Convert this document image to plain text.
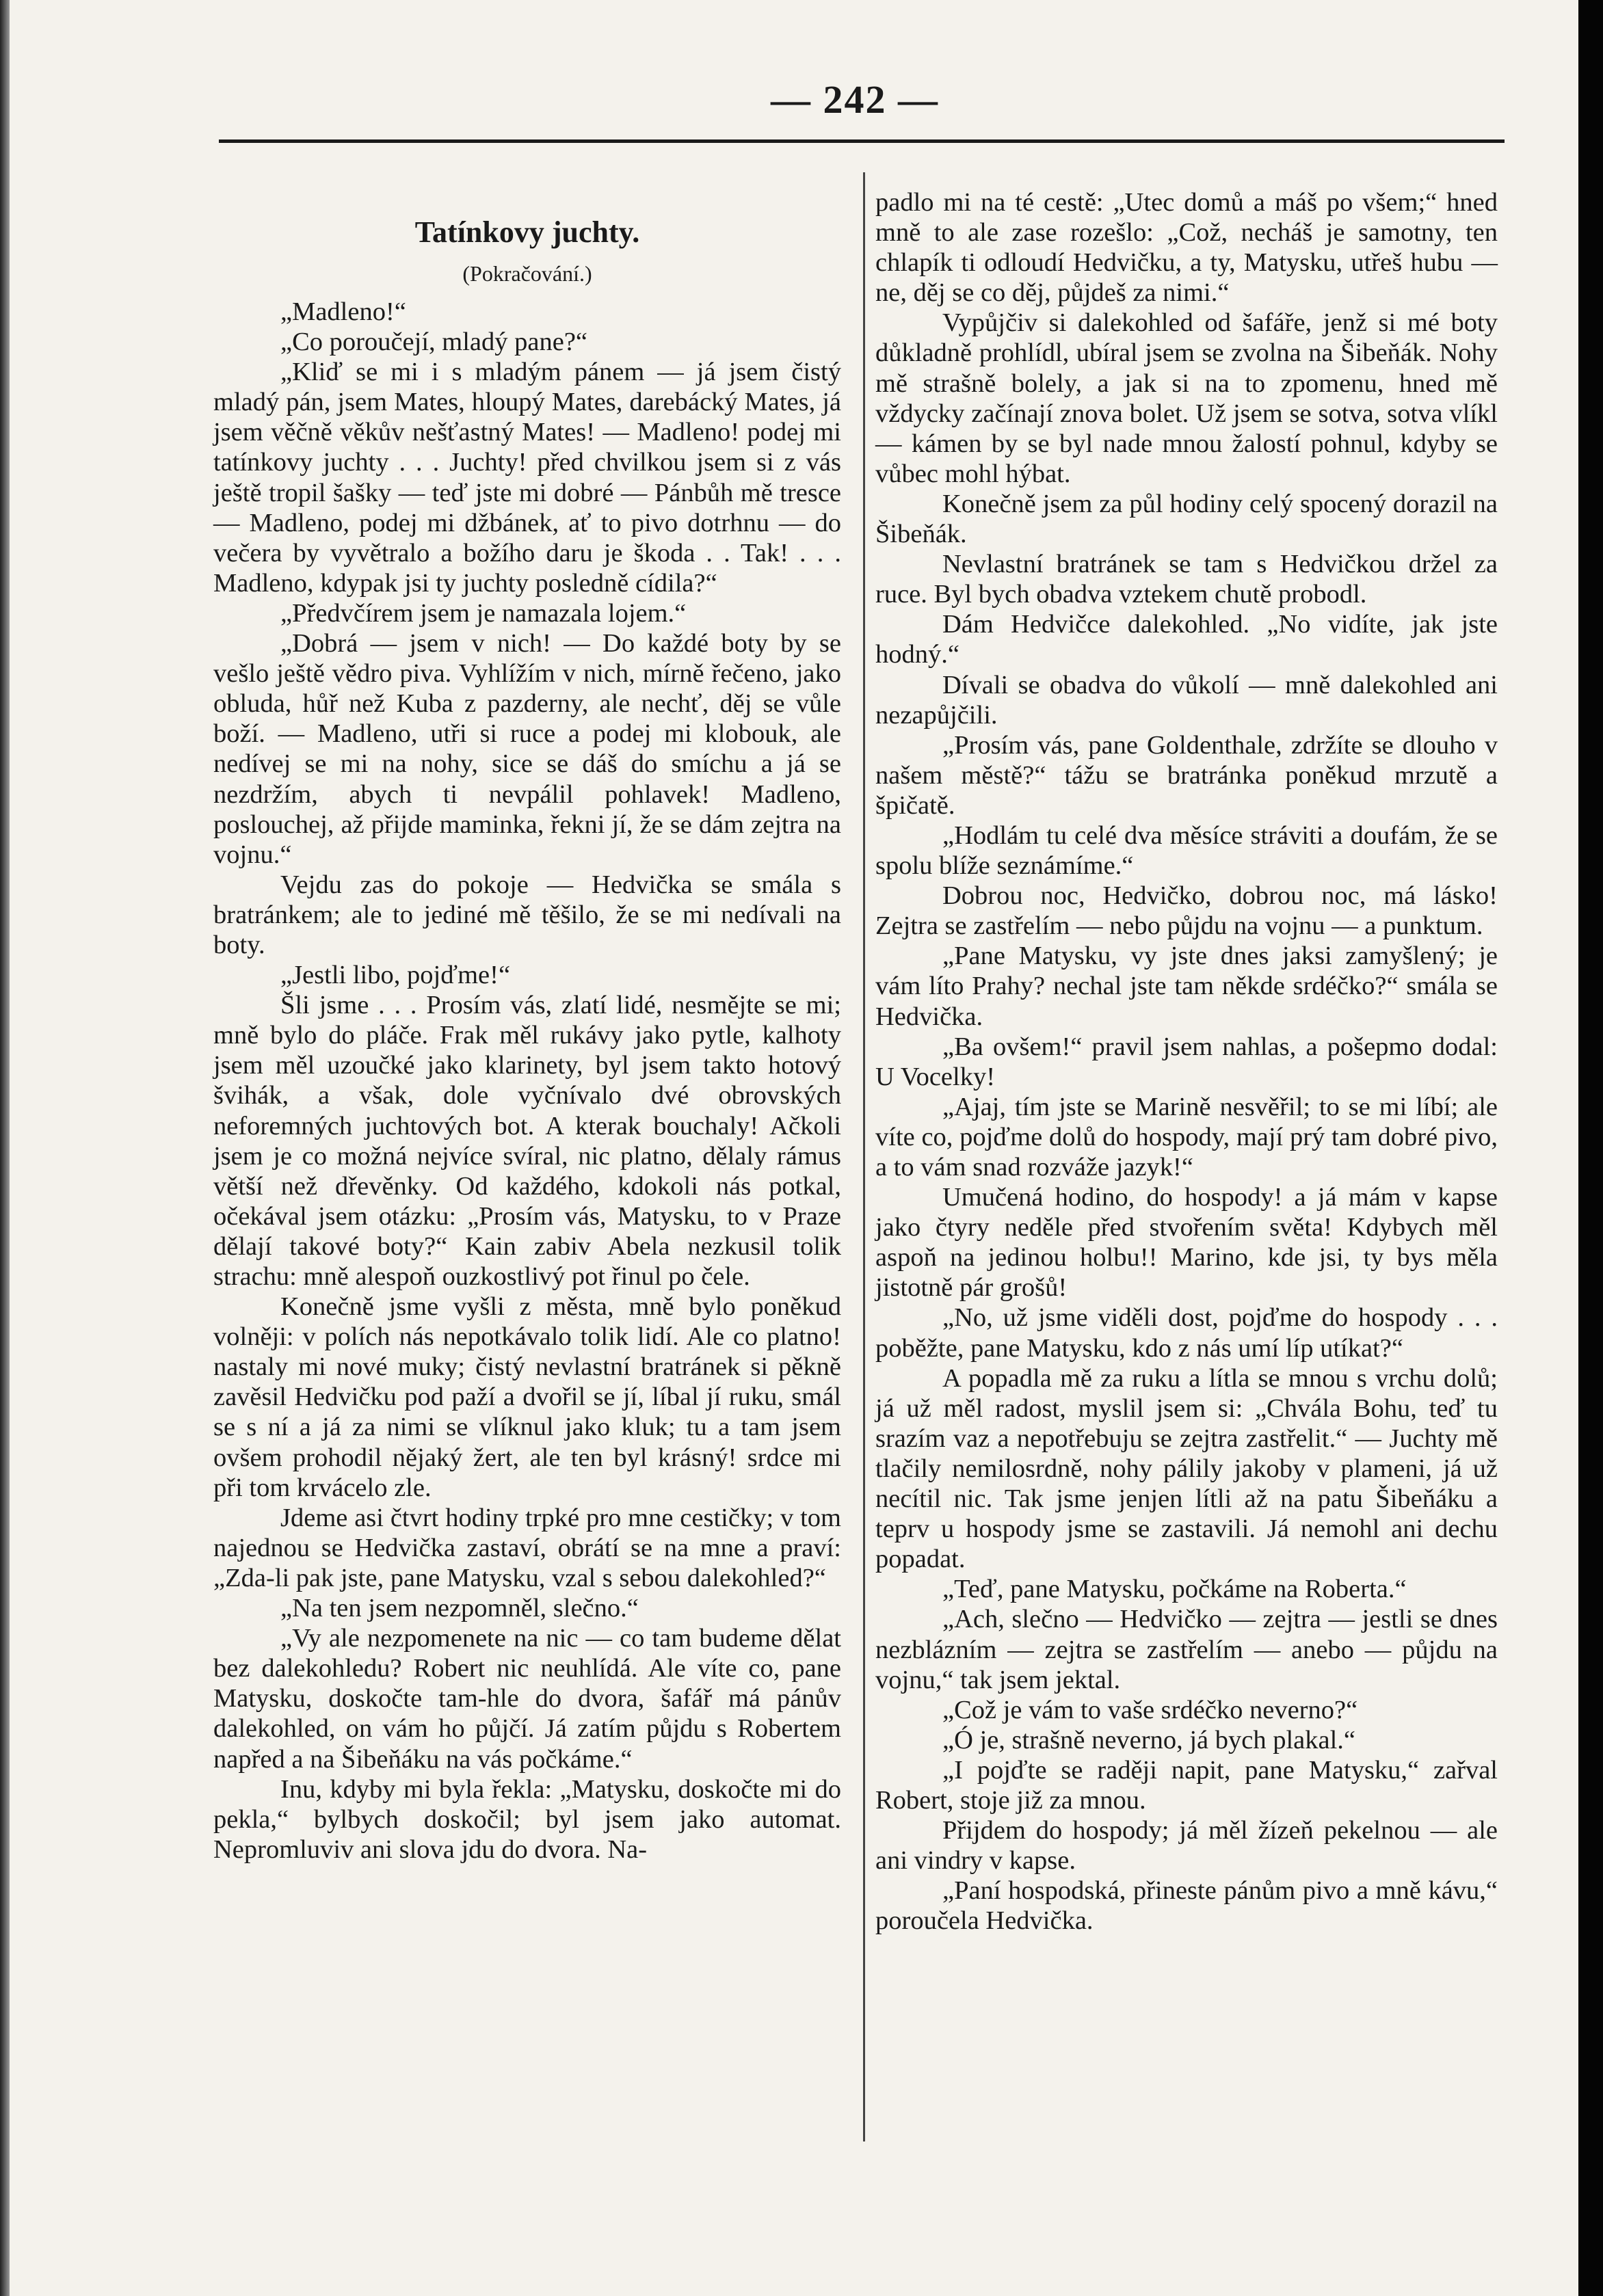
— 242 —
Tatínkovy juchty.
(Pokračování.)

„Madleno!“

„Co poroučejí, mladý pane?“

„Kliď se mi i s mladým pánem — já jsem čistý mladý pán, jsem Mates, hloupý Mates, darebácký Mates, já jsem věčně věkův nešťastný Mates! — Madleno! podej mi tatínkovy juchty . . . Juchty! před chvilkou jsem si z vás ještě tropil šašky — teď jste mi dobré — Pánbůh mě tresce — Madleno, podej mi džbánek, ať to pivo dotrhnu — do večera by vyvětralo a božího daru je škoda . . Tak! . . . Madleno, kdypak jsi ty juchty posledně cídila?“

„Předvčírem jsem je namazala lojem.“

„Dobrá — jsem v nich! — Do každé boty by se vešlo ještě vědro piva. Vyhlížím v nich, mírně řečeno, jako obluda, hůř než Kuba z pazderny, ale nechť, děj se vůle boží. — Madleno, utři si ruce a podej mi klobouk, ale nedívej se mi na nohy, sice se dáš do smíchu a já se nezdržím, abych ti nevpálil pohlavek! Madleno, poslouchej, až přijde maminka, řekni jí, že se dám zejtra na vojnu.“

Vejdu zas do pokoje — Hedvička se smála s bratránkem; ale to jediné mě těšilo, že se mi nedívali na boty.

„Jestli libo, pojďme!“

Šli jsme . . . Prosím vás, zlatí lidé, nesmějte se mi; mně bylo do pláče. Frak měl rukávy jako pytle, kalhoty jsem měl uzoučké jako klarinety, byl jsem takto hotový švihák, a však, dole vyčnívalo dvé obrovských neforemných juchtových bot. A kterak bouchaly! Ačkoli jsem je co možná nejvíce svíral, nic platno, dělaly rámus větší než dřevěnky. Od každého, kdokoli nás potkal, očekával jsem otázku: „Prosím vás, Matysku, to v Praze dělají takové boty?“ Kain zabiv Abela nezkusil tolik strachu: mně alespoň ouzkostlivý pot řinul po čele.

Konečně jsme vyšli z města, mně bylo poněkud volněji: v polích nás nepotkávalo tolik lidí. Ale co platno! nastaly mi nové muky; čistý nevlastní bratránek si pěkně zavěsil Hedvičku pod paží a dvořil se jí, líbal jí ruku, smál se s ní a já za nimi se vlíknul jako kluk; tu a tam jsem ovšem prohodil nějaký žert, ale ten byl krásný! srdce mi při tom krvácelo zle.

Jdeme asi čtvrt hodiny trpké pro mne cestičky; v tom najednou se Hedvička zastaví, obrátí se na mne a praví: „Zda-li pak jste, pane Matysku, vzal s sebou dalekohled?“

„Na ten jsem nezpomněl, slečno.“

„Vy ale nezpomenete na nic — co tam budeme dělat bez dalekohledu? Robert nic neuhlídá. Ale víte co, pane Matysku, doskočte tam-hle do dvora, šafář má pánův dalekohled, on vám ho půjčí. Já zatím půjdu s Robertem napřed a na Šibeňáku na vás počkáme.“

Inu, kdyby mi byla řekla: „Matysku, doskočte mi do pekla,“ bylbych doskočil; byl jsem jako automat. Nepromluviv ani slova jdu do dvora. Na-

padlo mi na té cestě: „Utec domů a máš po všem;“ hned mně to ale zase rozešlo: „Což, necháš je samotny, ten chlapík ti odloudí Hedvičku, a ty, Matysku, utřeš hubu — ne, děj se co děj, půjdeš za nimi.“

Vypůjčiv si dalekohled od šafáře, jenž si mé boty důkladně prohlídl, ubíral jsem se zvolna na Šibeňák. Nohy mě strašně bolely, a jak si na to zpomenu, hned mě vždycky začínají znova bolet. Už jsem se sotva, sotva vlíkl — kámen by se byl nade mnou žalostí pohnul, kdyby se vůbec mohl hýbat.

Konečně jsem za půl hodiny celý spocený dorazil na Šibeňák.

Nevlastní bratránek se tam s Hedvičkou držel za ruce. Byl bych obadva vztekem chutě probodl.

Dám Hedvičce dalekohled. „No vidíte, jak jste hodný.“

Dívali se obadva do vůkolí — mně dalekohled ani nezapůjčili.

„Prosím vás, pane Goldenthale, zdržíte se dlouho v našem městě?“ tážu se bratránka poněkud mrzutě a špičatě.

„Hodlám tu celé dva měsíce stráviti a doufám, že se spolu blíže seznámíme.“

Dobrou noc, Hedvičko, dobrou noc, má lásko! Zejtra se zastřelím — nebo půjdu na vojnu — a punktum.

„Pane Matysku, vy jste dnes jaksi zamyšlený; je vám líto Prahy? nechal jste tam někde srdéčko?“ smála se Hedvička.

„Ba ovšem!“ pravil jsem nahlas, a pošepmo dodal: U Vocelky!

„Ajaj, tím jste se Marině nesvěřil; to se mi líbí; ale víte co, pojďme dolů do hospody, mají prý tam dobré pivo, a to vám snad rozváže jazyk!“

Umučená hodino, do hospody! a já mám v kapse jako čtyry neděle před stvořením světa! Kdybych měl aspoň na jedinou holbu!! Marino, kde jsi, ty bys měla jistotně pár grošů!

„No, už jsme viděli dost, pojďme do hospody . . . poběžte, pane Matysku, kdo z nás umí líp utíkat?“

A popadla mě za ruku a lítla se mnou s vrchu dolů; já už měl radost, myslil jsem si: „Chvála Bohu, teď tu srazím vaz a nepotřebuju se zejtra zastřelit.“ — Juchty mě tlačily nemilosrdně, nohy pálily jakoby v plameni, já už necítil nic. Tak jsme jenjen lítli až na patu Šibeňáku a teprv u hospody jsme se zastavili. Já nemohl ani dechu popadat.

„Teď, pane Matysku, počkáme na Roberta.“

„Ach, slečno — Hedvičko — zejtra — jestli se dnes nezblázním — zejtra se zastřelím — anebo — půjdu na vojnu,“ tak jsem jektal.

„Což je vám to vaše srdéčko neverno?“

„Ó je, strašně neverno, já bych plakal.“

„I pojďte se raději napit, pane Matysku,“ zařval Robert, stoje již za mnou.

Přijdem do hospody; já měl žízeň pekelnou — ale ani vindry v kapse.

„Paní hospodská, přineste pánům pivo a mně kávu,“ poroučela Hedvička.
